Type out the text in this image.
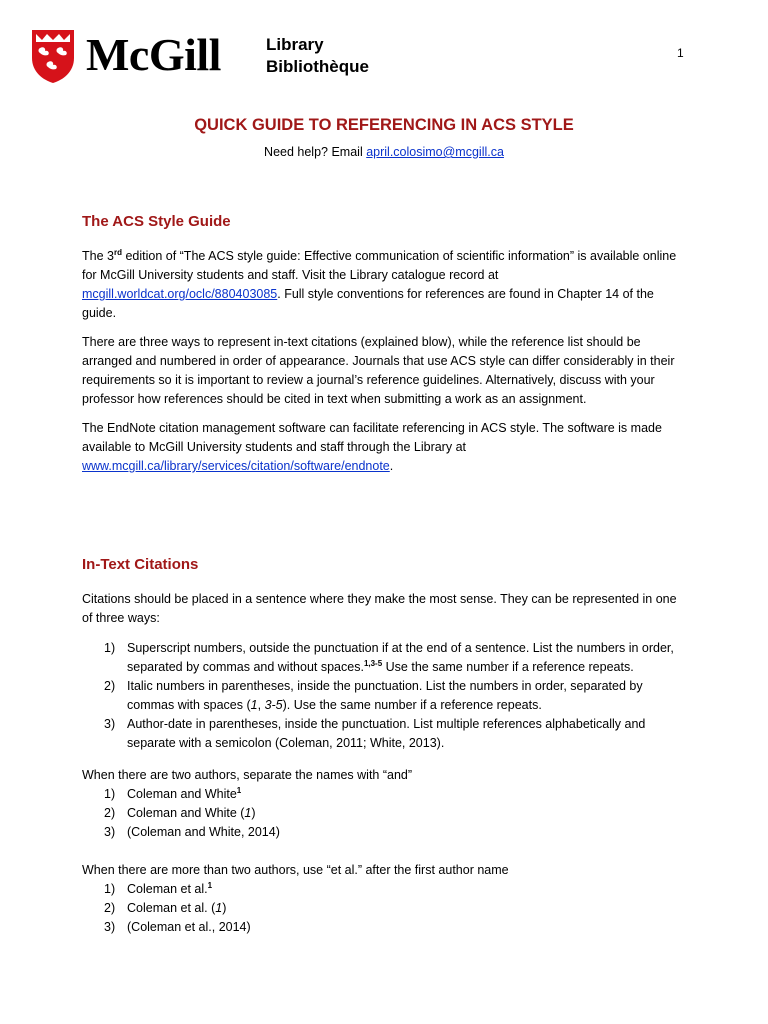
McGill	Library
Bibliothèque
1
QUICK GUIDE TO REFERENCING IN ACS STYLE
Need help? Email april.colosimo@mcgill.ca
The ACS Style Guide

The 3rd edition of “The ACS style guide: Effective communication of scientific information” is available online for McGill University students and staff. Visit the Library catalogue record at mcgill.worldcat.org/oclc/880403085. Full style conventions for references are found in Chapter 14 of the guide.

There are three ways to represent in-text citations (explained blow), while the reference list should be arranged and numbered in order of appearance. Journals that use ACS style can differ considerably in their requirements so it is important to review a journal’s reference guidelines. Alternatively, discuss with your professor how references should be cited in text when submitting a work as an assignment.

The EndNote citation management software can facilitate referencing in ACS style. The software is made available to McGill University students and staff through the Library at www.mcgill.ca/library/services/citation/software/endnote.

In-Text Citations

Citations should be placed in a sentence where they make the most sense. They can be represented in one of three ways:

1) Superscript numbers, outside the punctuation if at the end of a sentence. List the numbers in order, separated by commas and without spaces.$^{1,3-5}$ Use the same number if a reference repeats.
2) Italic numbers in parentheses, inside the punctuation. List the numbers in order, separated by commas with spaces (1, 3-5). Use the same number if a reference repeats.
3) Author-date in parentheses, inside the punctuation. List multiple references alphabetically and separate with a semicolon (Coleman, 2011; White, 2013).
When there are two authors, separate the names with “and”
1) Coleman and White$^1$
2) Coleman and White (1)
3) (Coleman and White, 2014)
When there are more than two authors, use “et al.” after the first author name
1) Coleman et al.$^1$
2) Coleman et al. (1)
3) (Coleman et al., 2014)
